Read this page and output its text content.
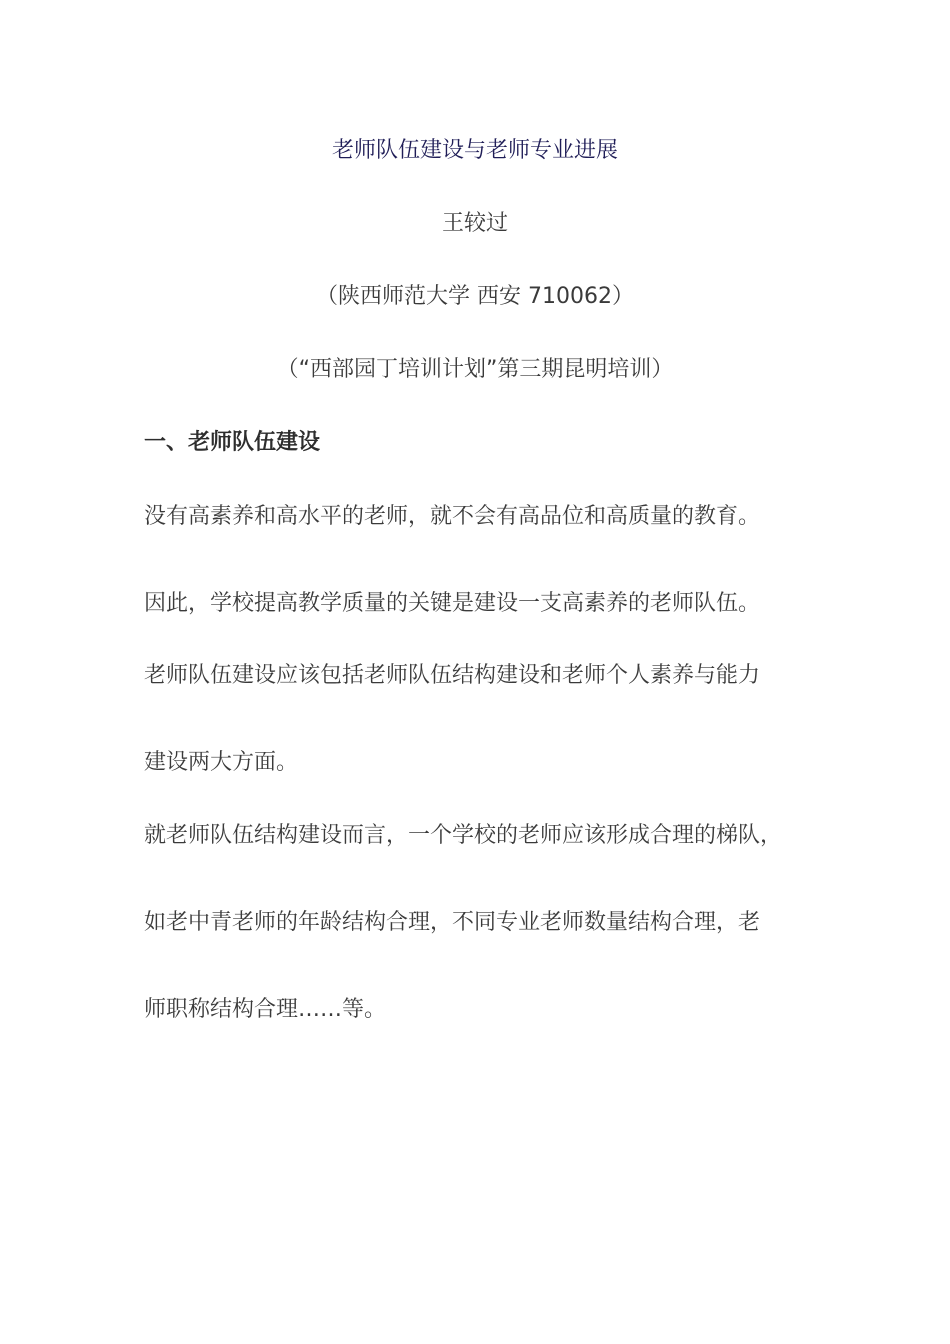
老师队伍建设与老师专业进展
王较过
（陕西师范大学 西安 710062）
（“西部园丁培训计划”第三期昆明培训）
一、老师队伍建设
没有高素养和高水平的老师，就不会有高品位和高质量的教育。
因此，学校提高教学质量的关键是建设一支高素养的老师队伍。
老师队伍建设应该包括老师队伍结构建设和老师个人素养与能力
建设两大方面。
就老师队伍结构建设而言，一个学校的老师应该形成合理的梯队，
如老中青老师的年龄结构合理，不同专业老师数量结构合理，老
师职称结构合理……等。
